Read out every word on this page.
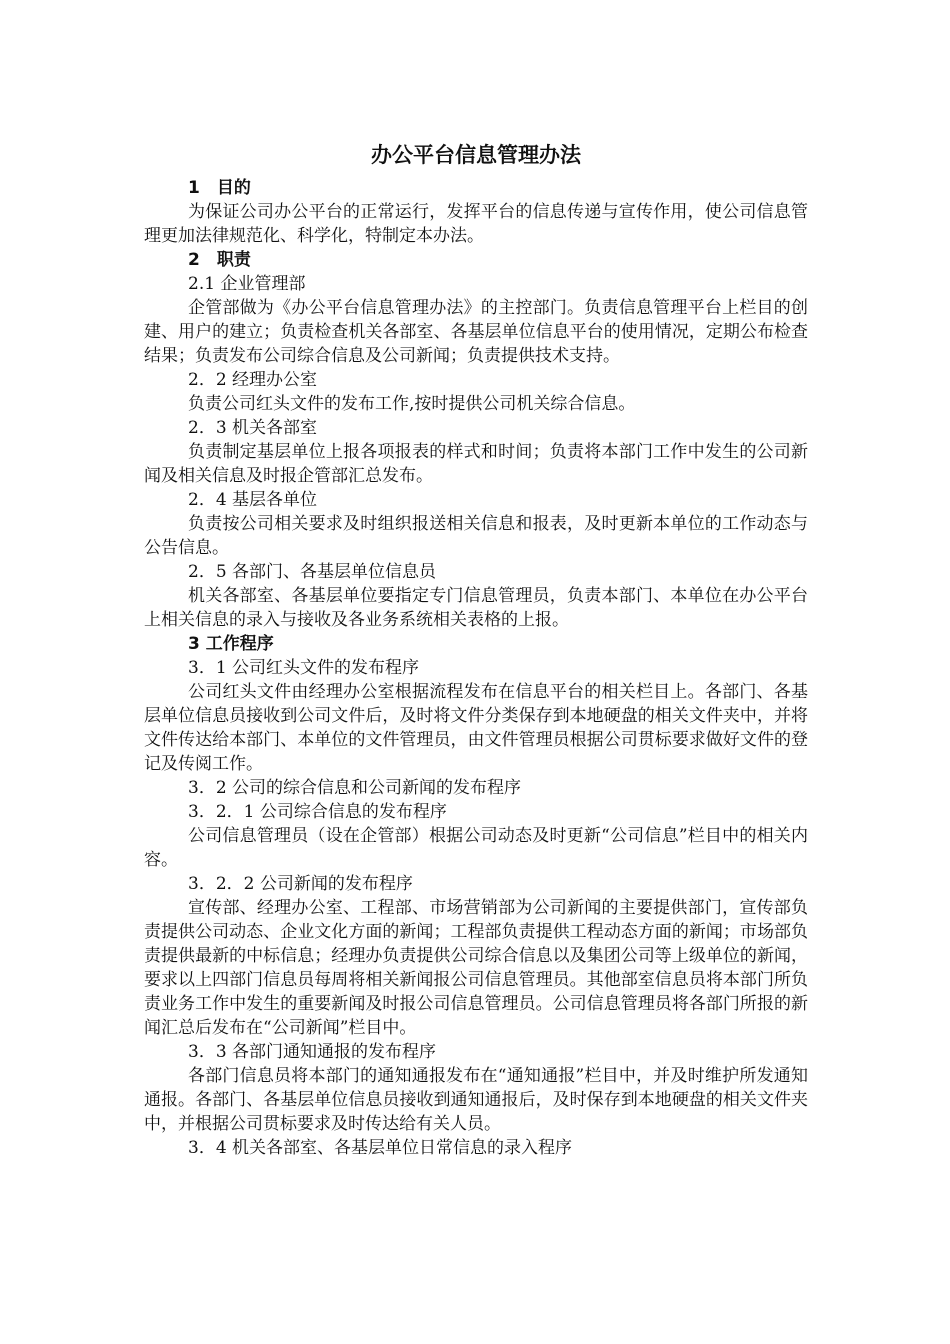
办公平台信息管理办法
1　目的
为保证公司办公平台的正常运行，发挥平台的信息传递与宣传作用，使公司信息管理更加法律规范化、科学化，特制定本办法。
2　职责
2.1 企业管理部
企管部做为《办公平台信息管理办法》的主控部门。负责信息管理平台上栏目的创建、用户的建立；负责检查机关各部室、各基层单位信息平台的使用情况，定期公布检查结果；负责发布公司综合信息及公司新闻；负责提供技术支持。
2．2 经理办公室
负责公司红头文件的发布工作,按时提供公司机关综合信息。
2．3 机关各部室
负责制定基层单位上报各项报表的样式和时间；负责将本部门工作中发生的公司新闻及相关信息及时报企管部汇总发布。
2．4 基层各单位
负责按公司相关要求及时组织报送相关信息和报表，及时更新本单位的工作动态与公告信息。
2．5 各部门、各基层单位信息员
机关各部室、各基层单位要指定专门信息管理员，负责本部门、本单位在办公平台上相关信息的录入与接收及各业务系统相关表格的上报。
3 工作程序
3．1 公司红头文件的发布程序
公司红头文件由经理办公室根据流程发布在信息平台的相关栏目上。各部门、各基层单位信息员接收到公司文件后，及时将文件分类保存到本地硬盘的相关文件夹中，并将文件传达给本部门、本单位的文件管理员，由文件管理员根据公司贯标要求做好文件的登记及传阅工作。
3．2 公司的综合信息和公司新闻的发布程序
3．2．1 公司综合信息的发布程序
公司信息管理员（设在企管部）根据公司动态及时更新“公司信息”栏目中的相关内容。
3．2．2 公司新闻的发布程序
宣传部、经理办公室、工程部、市场营销部为公司新闻的主要提供部门，宣传部负责提供公司动态、企业文化方面的新闻；工程部负责提供工程动态方面的新闻；市场部负责提供最新的中标信息；经理办负责提供公司综合信息以及集团公司等上级单位的新闻，要求以上四部门信息员每周将相关新闻报公司信息管理员。其他部室信息员将本部门所负责业务工作中发生的重要新闻及时报公司信息管理员。公司信息管理员将各部门所报的新闻汇总后发布在“公司新闻”栏目中。
3．3 各部门通知通报的发布程序
各部门信息员将本部门的通知通报发布在“通知通报”栏目中，并及时维护所发通知通报。各部门、各基层单位信息员接收到通知通报后，及时保存到本地硬盘的相关文件夹中，并根据公司贯标要求及时传达给有关人员。
3．4 机关各部室、各基层单位日常信息的录入程序
